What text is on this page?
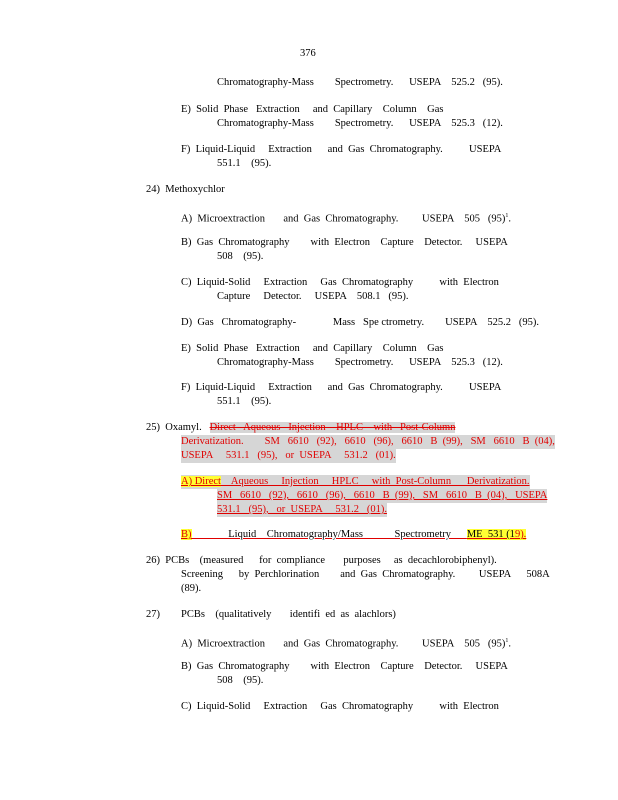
376
Chromatography-Mass        Spectrometry.      USEPA    525.2   (95).
E)  Solid  Phase   Extraction     and  Capillary    Column    Gas
Chromatography-Mass        Spectrometry.      USEPA    525.3   (12).
F)  Liquid-Liquid     Extraction      and  Gas  Chromatography.          USEPA
551.1    (95).
24)  Methoxychlor
A)  Microextraction       and  Gas  Chromatography.         USEPA    505   $(95)^1$.
B)  Gas  Chromatography        with  Electron    Capture    Detector.     USEPA
508    (95).
C)  Liquid-Solid     Extraction     Gas  Chromatography          with  Electron
Capture     Detector.     USEPA    508.1   (95).
D)  Gas   Chromatography-              Mass   Spe ctrometry.        USEPA    525.2   (95).
E)  Solid  Phase   Extraction     and  Capillary    Column    Gas
Chromatography-Mass        Spectrometry.      USEPA    525.3   (12).
F)  Liquid-Liquid     Extraction      and  Gas  Chromatography.          USEPA
551.1    (95).
25)  Oxamyl.   Direct   Aqueous   Injection    HPLC    with   Post-Column
Derivatization.        SM   6610   (92),   6610   (96),   6610   B  (99),   SM   6610   B  (04),
USEPA     531.1   (95),   or  USEPA     531.2   (01).
A) Direct    Aqueous     Injection     HPLC     with  Post-Column      Derivatization.
SM   6610   (92),   6610   (96),   6610   B  (99),   SM   6610   B  (04),   USEPA
531.1   (95),   or  USEPA     531.2   (01).
B)              Liquid    Chromatography/Mass            Spectrometry      ME  531 (19).
26)  PCBs    (measured      for  compliance       purposes     as  decachlorobiphenyl).
Screening      by  Perchlorination        and  Gas  Chromatography.         USEPA      508A
(89).
27) PCBs    (qualitatively       identifi  ed  as  alachlors)
A)  Microextraction       and  Gas  Chromatography.         USEPA    505   $(95)^1$.
B)  Gas  Chromatography        with  Electron    Capture    Detector.     USEPA
508    (95).
C)  Liquid-Solid     Extraction     Gas  Chromatography          with  Electron
